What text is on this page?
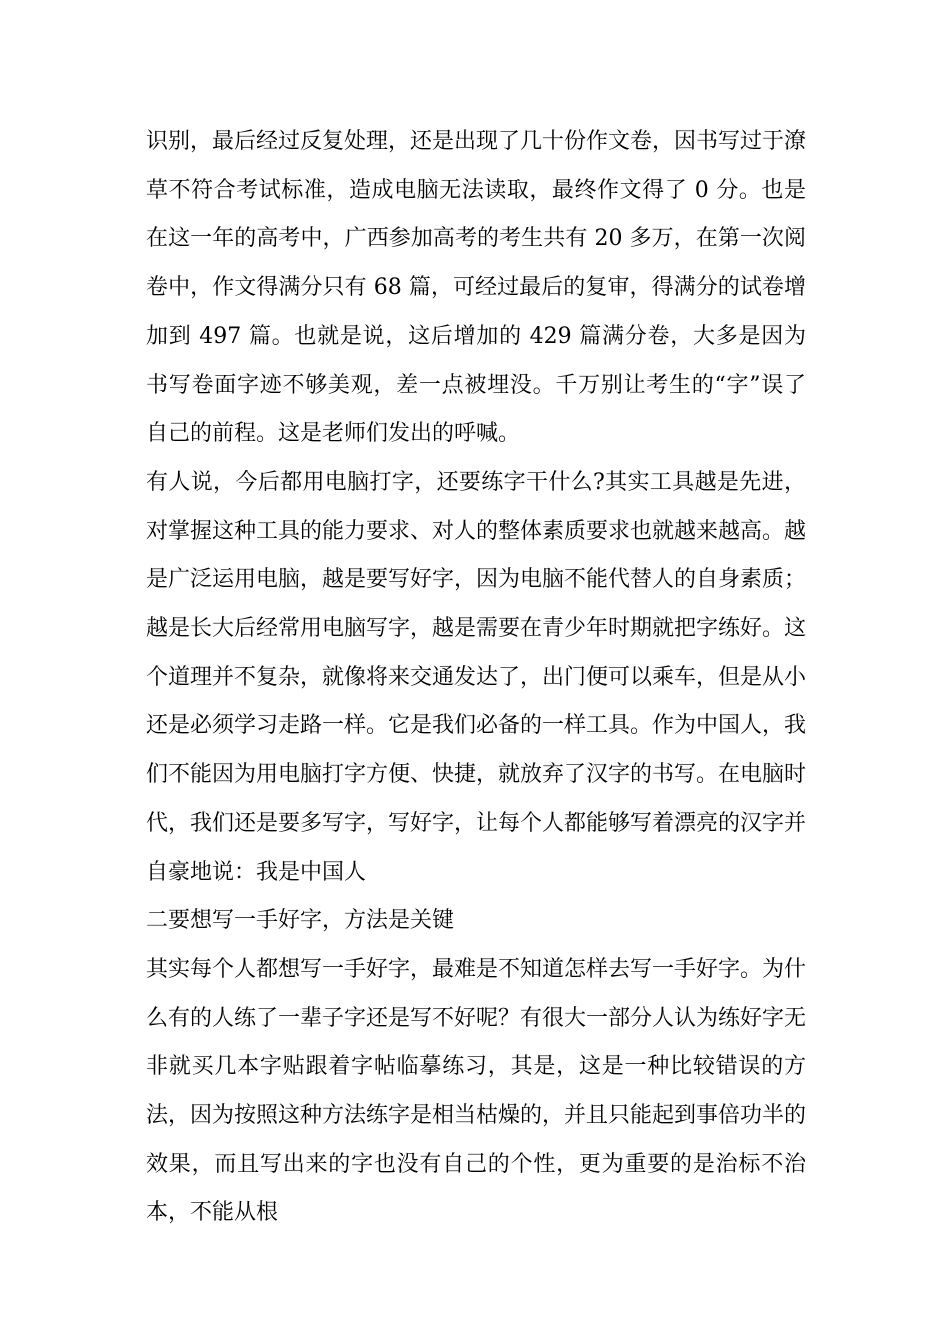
识别，最后经过反复处理，还是出现了几十份作文卷，因书写过于潦草不符合考试标准，造成电脑无法读取，最终作文得了 0 分。也是在这一年的高考中，广西参加高考的考生共有 20 多万，在第一次阅卷中，作文得满分只有 68 篇，可经过最后的复审，得满分的试卷增加到 497 篇。也就是说，这后增加的 429 篇满分卷，大多是因为书写卷面字迹不够美观，差一点被埋没。千万别让考生的“字”误了自己的前程。这是老师们发出的呼喊。

有人说，今后都用电脑打字，还要练字干什么?其实工具越是先进，对掌握这种工具的能力要求、对人的整体素质要求也就越来越高。越是广泛运用电脑，越是要写好字，因为电脑不能代替人的自身素质；越是长大后经常用电脑写字，越是需要在青少年时期就把字练好。这个道理并不复杂，就像将来交通发达了，出门便可以乘车，但是从小还是必须学习走路一样。它是我们必备的一样工具。作为中国人，我们不能因为用电脑打字方便、快捷，就放弃了汉字的书写。在电脑时代，我们还是要多写字，写好字，让每个人都能够写着漂亮的汉字并自豪地说：我是中国人

二要想写一手好字，方法是关键

其实每个人都想写一手好字，最难是不知道怎样去写一手好字。为什么有的人练了一辈子字还是写不好呢？有很大一部分人认为练好字无非就买几本字贴跟着字帖临摹练习，其是，这是一种比较错误的方法，因为按照这种方法练字是相当枯燥的，并且只能起到事倍功半的效果，而且写出来的字也没有自己的个性，更为重要的是治标不治本，不能从根
